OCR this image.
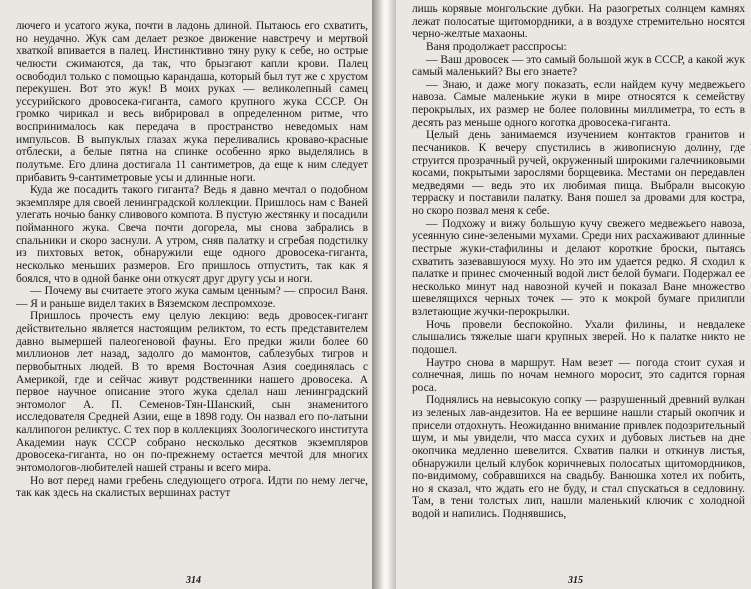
лючего и усатого жука, почти в ладонь длиной. Пытаюсь его схватить, но неудачно. Жук сам делает резкое движение навстречу и мертвой хваткой впивается в палец. Инстинктивно тяну руку к себе, но острые челюсти сжимаются, да так, что брызгают капли крови. Палец освободил только с помощью карандаша, который был тут же с хрустом перекушен. Вот это жук! В моих руках — великолепный самец уссурийского дровосека-гиганта, самого крупного жука СССР. Он громко чирикал и весь вибрировал в определенном ритме, что воспринималось как передача в пространство неведомых нам импульсов. В выпуклых глазах жука переливались кроваво-красные отблески, а белые пятна на спинке особенно ярко выделялись в полутьме. Его длина достигала 11 сантиметров, да еще к ним следует прибавить 9-сантиметровые усы и длинные ноги.

Куда же посадить такого гиганта? Ведь я давно мечтал о подобном экземпляре для своей ленинградской коллекции. Пришлось нам с Ваней улегать ночью банку сливового компота. В пустую жестянку и посадили пойманного жука. Свеча почти догорела, мы снова забрались в спальники и скоро заснули. А утром, сняв палатку и сгребая подстилку из пихтовых веток, обнаружили еще одного дровосека-гиганта, несколько меньших размеров. Его пришлось отпустить, так как я боялся, что в одной банке они откусят друг другу усы и ноги.

— Почему вы считаете этого жука самым ценным? — спросил Ваня. — Я и раньше видел таких в Вяземском леспромхозе.

Пришлось прочесть ему целую лекцию: ведь дровосек-гигант действительно является настоящим реликтом, то есть представителем давно вымершей палеогеновой фауны. Его предки жили более 60 миллионов лет назад, задолго до мамонтов, саблезубых тигров и первобытных людей. В то время Восточная Азия соединялась с Америкой, где и сейчас живут родственники нашего дровосека. А первое научное описание этого жука сделал наш ленинградский энтомолог А. П. Семенов-Тян-Шанский, сын знаменитого исследователя Средней Азии, еще в 1898 году. Он назвал его по-латыни каллипогон реликтус. С тех пор в коллекциях Зоологического института Академии наук СССР собрано несколько десятков экземпляров дровосека-гиганта, но он по-прежнему остается мечтой для многих энтомологов-любителей нашей страны и всего мира.

Но вот перед нами гребень следующего отрога. Идти по нему легче, так как здесь на скалистых вершинах растут

314

лишь корявые монгольские дубки. На разогретых солнцем камнях лежат полосатые щитомордники, а в воздухе стремительно носятся черно-желтые махаоны.

Ваня продолжает расспросы:

— Ваш дровосек — это самый большой жук в СССР, а какой жук самый маленький? Вы его знаете?

— Знаю, и даже могу показать, если найдем кучу медвежьего навоза. Самые маленькие жуки в мире относятся к семейству перокрылых, их размер не более половины миллиметра, то есть в десять раз меньше одного коготка дровосека-гиганта.

Целый день занимаемся изучением контактов гранитов и песчаников. К вечеру спустились в живописную долину, где струится прозрачный ручей, окруженный широкими галечниковыми косами, покрытыми зарослями борщевика. Местами он передавлен медведями — ведь это их любимая пища. Выбрали высокую терраску и поставили палатку. Ваня пошел за дровами для костра, но скоро позвал меня к себе.

— Подхожу и вижу большую кучу свежего медвежьего навоза, усеянную сине-зелеными мухами. Среди них расхаживают длинные пестрые жуки-стафилины и делают короткие броски, пытаясь схватить зазевавшуюся муху. Но это им удается редко. Я сходил к палатке и принес смоченный водой лист белой бумаги. Подержал ее несколько минут над навозной кучей и показал Ване множество шевелящихся черных точек — это к мокрой бумаге прилипли взлетающие жучки-перокрылки.

Ночь провели беспокойно. Ухали филины, и невдалеке слышались тяжелые шаги крупных зверей. Но к палатке никто не подошел.

Наутро снова в маршрут. Нам везет — погода стоит сухая и солнечная, лишь по ночам немного моросит, это садится горная роса.

Поднялись на невысокую сопку — разрушенный древний вулкан из зеленых лав-андезитов. На ее вершине нашли старый окопчик и присели отдохнуть. Неожиданно внимание привлек подозрительный шум, и мы увидели, что масса сухих и дубовых листьев на дне окопчика медленно шевелится. Схватив палки и откинув листья, обнаружили целый клубок коричневых полосатых щитомордников, по-видимому, собравшихся на свадьбу. Ванюшка хотел их побить, но я сказал, что ждать его не буду, и стал спускаться в седловину. Там, в тени толстых лип, нашли маленький ключик с холодной водой и напились. Поднявшись,

315
